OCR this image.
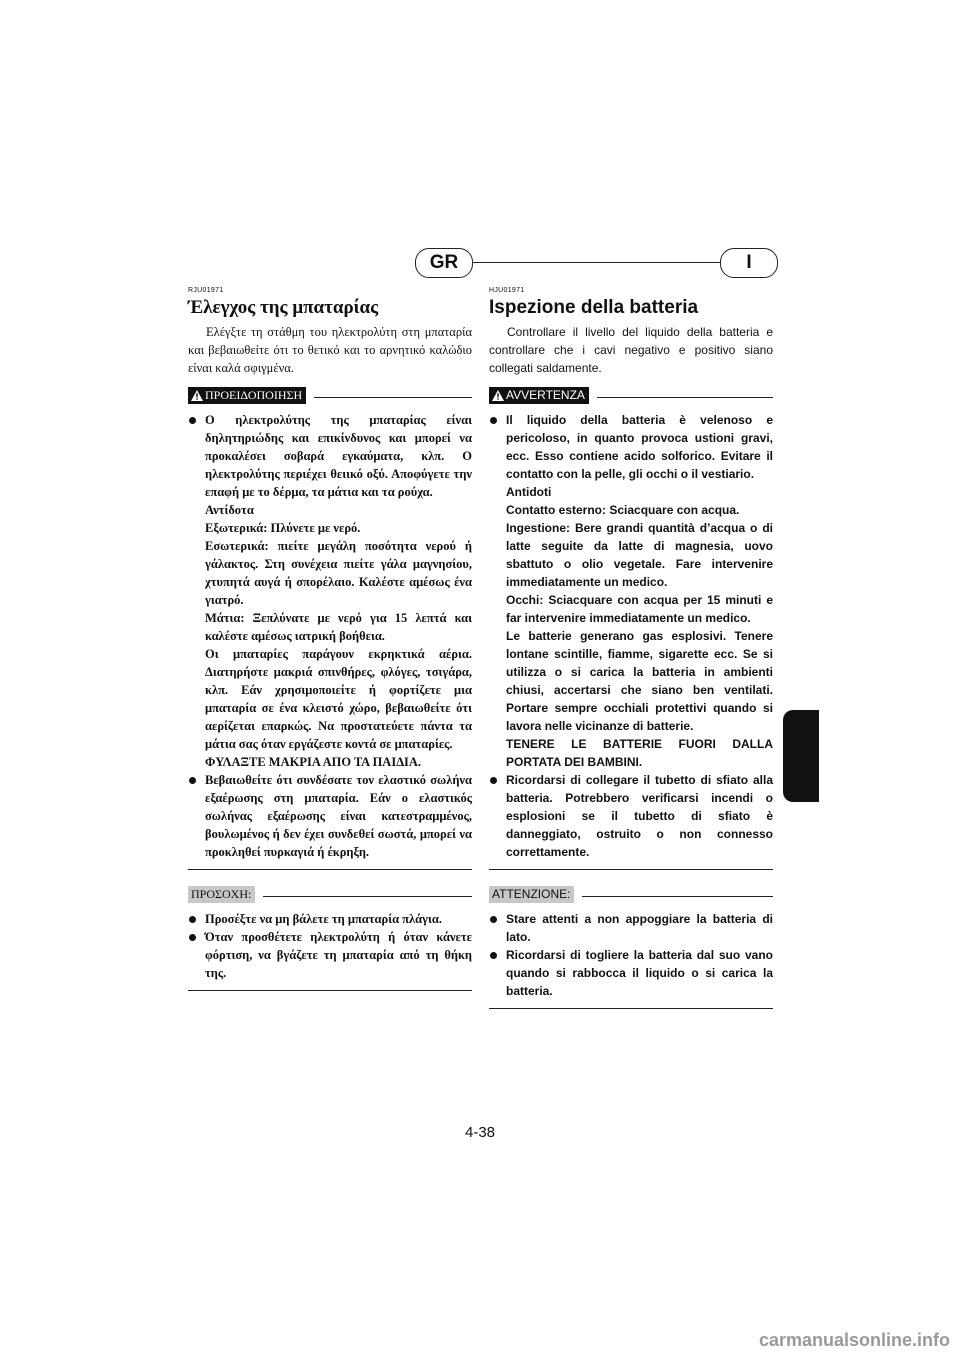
GR	I
RJU01971
Έλεγχος της μπαταρίας

Ελέγξτε τη στάθμη του ηλεκτρολύτη στη μπαταρία και βεβαιωθείτε ότι το θετικό και το αρνητικό καλώδιο είναι καλά σφιγμένα.

ΠΡΟΕΙΔΟΠΟΙΗΣΗ
Ο ηλεκτρολύτης της μπαταρίας είναι δηλητηριώδης και επικίνδυνος και μπορεί να προκαλέσει σοβαρά εγκαύματα, κλπ. Ο ηλεκτρολύτης περιέχει θειικό οξύ. Αποφύγετε την επαφή με το δέρμα, τα μάτια και τα ρούχα.
Αντίδοτα
Εξωτερικά: Πλύνετε με νερό.
Εσωτερικά: πιείτε μεγάλη ποσότητα νερού ή γάλακτος. Στη συνέχεια πιείτε γάλα μαγνησίου, χτυπητά αυγά ή σπορέλαιο. Καλέστε αμέσως ένα γιατρό.
Μάτια: Ξεπλύνατε με νερό για 15 λεπτά και καλέστε αμέσως ιατρική βοήθεια.
Οι μπαταρίες παράγουν εκρηκτικά αέρια. Διατηρήστε μακριά σπινθήρες, φλόγες, τσιγάρα, κλπ. Εάν χρησιμοποιείτε ή φορτίζετε μια μπαταρία σε ένα κλειστό χώρο, βεβαιωθείτε ότι αερίζεται επαρκώς. Να προστατεύετε πάντα τα μάτια σας όταν εργάζεστε κοντά σε μπαταρίες.
ΦΥΛΑΞΤΕ ΜΑΚΡΙΑ ΑΠΟ ΤΑ ΠΑΙΔΙΑ.
Βεβαιωθείτε ότι συνδέσατε τον ελαστικό σωλήνα εξαέρωσης στη μπαταρία. Εάν ο ελαστικός σωλήνας εξαέρωσης είναι κατεστραμμένος, βουλωμένος ή δεν έχει συνδεθεί σωστά, μπορεί να προκληθεί πυρκαγιά ή έκρηξη.
ΠΡΟΣΟΧΗ:
Προσέξτε να μη βάλετε τη μπαταρία πλάγια.
Όταν προσθέτετε ηλεκτρολύτη ή όταν κάνετε φόρτιση, να βγάζετε τη μπαταρία από τη θήκη της.
HJU01971
Ispezione della batteria

Controllare il livello del liquido della batteria e controllare che i cavi negativo e positivo siano collegati saldamente.

AVVERTENZA
Il liquido della batteria è velenoso e pericoloso, in quanto provoca ustioni gravi, ecc. Esso contiene acido solforico. Evitare il contatto con la pelle, gli occhi o il vestiario.
Antidoti
Contatto esterno: Sciacquare con acqua.
Ingestione: Bere grandi quantità d’acqua o di latte seguite da latte di magnesia, uovo sbattuto o olio vegetale. Fare intervenire immediatamente un medico.
Occhi: Sciacquare con acqua per 15 minuti e far intervenire immediatamente un medico.
Le batterie generano gas esplosivi. Tenere lontane scintille, fiamme, sigarette ecc. Se si utilizza o si carica la batteria in ambienti chiusi, accertarsi che siano ben ventilati. Portare sempre occhiali protettivi quando si lavora nelle vicinanze di batterie.
TENERE LE BATTERIE FUORI DALLA PORTATA DEI BAMBINI.
Ricordarsi di collegare il tubetto di sfiato alla batteria. Potrebbero verificarsi incendi o esplosioni se il tubetto di sfiato è danneggiato, ostruito o non connesso correttamente.
ATTENZIONE:
Stare attenti a non appoggiare la batteria di lato.
Ricordarsi di togliere la batteria dal suo vano quando si rabbocca il liquido o si carica la batteria.
4-38
carmanualsonline.info
